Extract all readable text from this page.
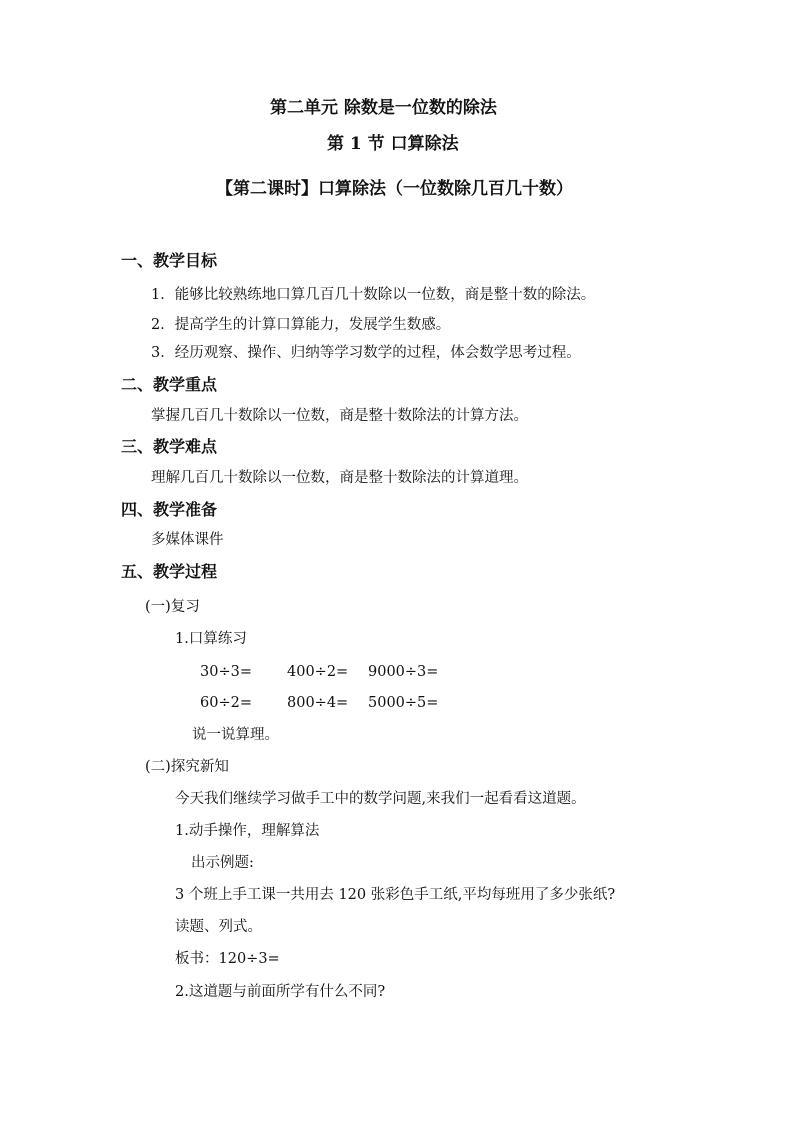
第二单元 除数是一位数的除法
第 1 节 口算除法
【第二课时】口算除法（一位数除几百几十数）
一、教学目标
1．能够比较熟练地口算几百几十数除以一位数，商是整十数的除法。
2．提高学生的计算口算能力，发展学生数感。
3．经历观察、操作、归纳等学习数学的过程，体会数学思考过程。
二、教学重点
掌握几百几十数除以一位数，商是整十数除法的计算方法。
三、教学难点
理解几百几十数除以一位数，商是整十数除法的计算道理。
四、教学准备
多媒体课件
五、教学过程
(一)复习
1.口算练习
30÷3= 400÷2= 9000÷3=
60÷2= 800÷4= 5000÷5=
说一说算理。
(二)探究新知
今天我们继续学习做手工中的数学问题,来我们一起看看这道题。
1.动手操作，理解算法
出示例题:
3 个班上手工课一共用去 120 张彩色手工纸,平均每班用了多少张纸?
读题、列式。
板书：120÷3=
2.这道题与前面所学有什么不同?
